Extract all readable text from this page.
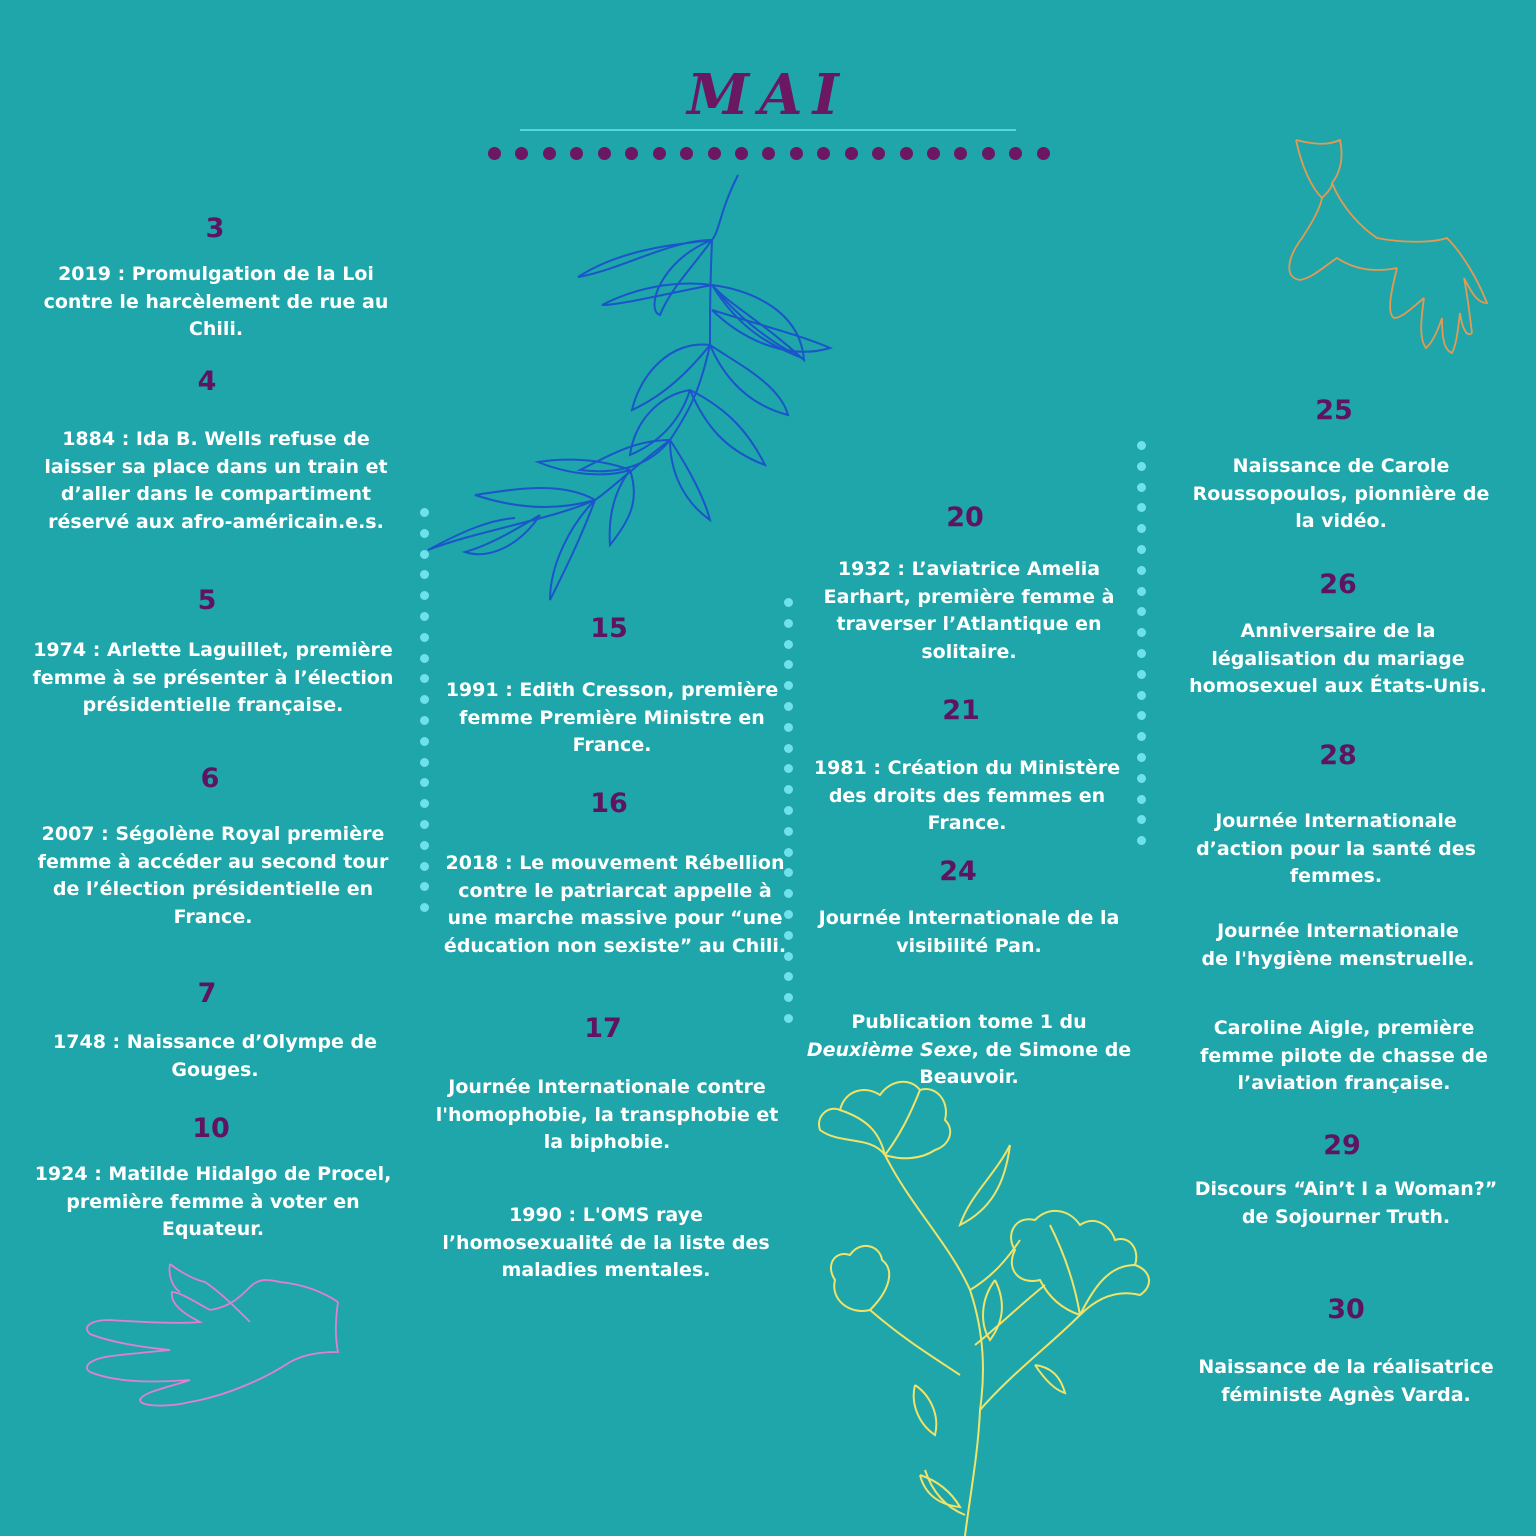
MAI
3
2019 : Promulgation de la Loi
contre le harcèlement de rue au
Chili.
4
1884 : Ida B. Wells refuse de
laisser sa place dans un train et
d’aller dans le compartiment
réservé aux afro-américain.e.s.
5
1974 : Arlette Laguillet, première
femme à se présenter à l’élection
présidentielle française.
6
2007 : Ségolène Royal première
femme à accéder au second tour
de l’élection présidentielle en
France.
7
1748 : Naissance d’Olympe de
Gouges.
10
1924 : Matilde Hidalgo de Procel,
première femme à voter en
Equateur.
15
1991 : Edith Cresson, première
femme Première Ministre en
France.
16
2018 : Le mouvement Rébellion
contre le patriarcat appelle à
une marche massive pour “une
éducation non sexiste” au Chili.
17
Journée Internationale contre
l'homophobie, la transphobie et
la biphobie.
1990 : L'OMS raye
l’homosexualité de la liste des
maladies mentales.
20
1932 : L’aviatrice Amelia
Earhart, première femme à
traverser l’Atlantique en
solitaire.
21
1981 : Création du Ministère
des droits des femmes en
France.
24
Journée Internationale de la
visibilité Pan.
Publication tome 1 du
Deuxième Sexe, de Simone de
Beauvoir.
25
Naissance de Carole
Roussopoulos, pionnière de
la vidéo.
26
Anniversaire de la
légalisation du mariage
homosexuel aux États-Unis.
28
Journée Internationale
d’action pour la santé des
femmes.
Journée Internationale
de l'hygiène menstruelle.
Caroline Aigle, première
femme pilote de chasse de
l’aviation française.
29
Discours “Ain’t I a Woman?”
de Sojourner Truth.
30
Naissance de la réalisatrice
féministe Agnès Varda.
